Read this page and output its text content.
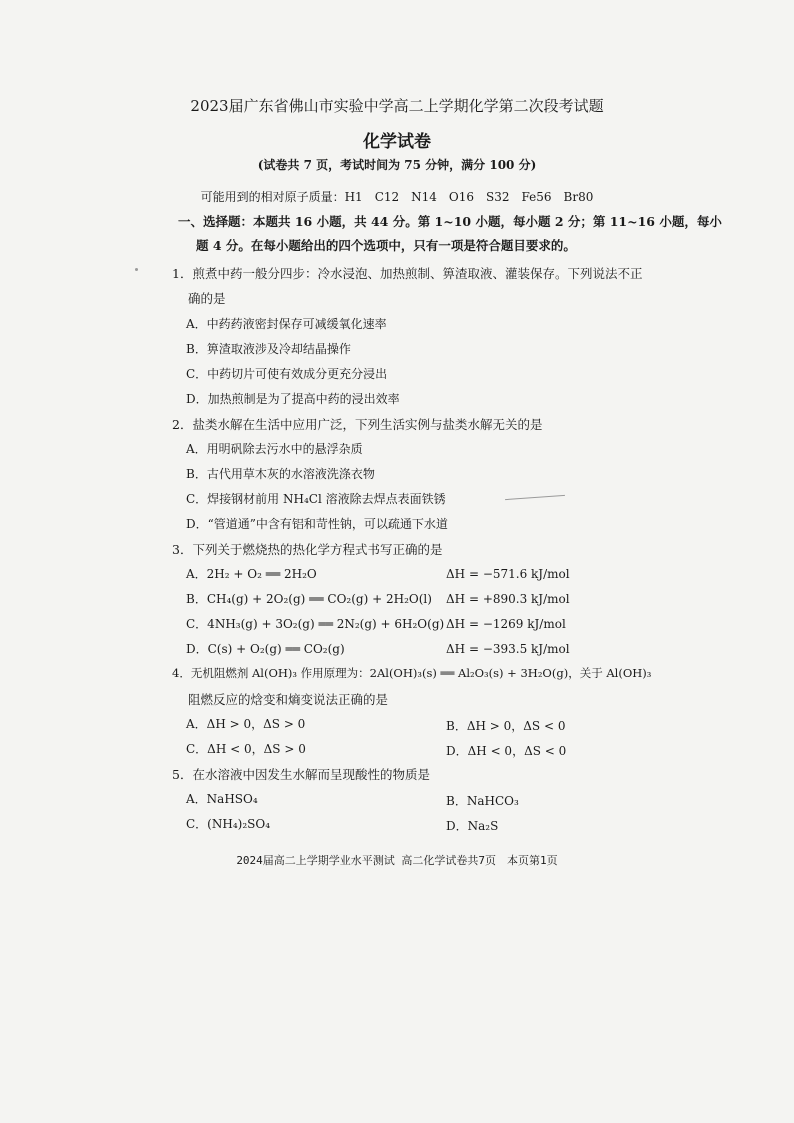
2023届广东省佛山市实验中学高二上学期化学第二次段考试题
化学试卷
(试卷共 7 页，考试时间为 75 分钟，满分 100 分)
可能用到的相对原子质量：H1　C12　N14　O16　S32　Fe56　Br80
一、选择题：本题共 16 小题，共 44 分。第 1~10 小题，每小题 2 分；第 11~16 小题，每小
题 4 分。在每小题给出的四个选项中，只有一项是符合题目要求的。
1．煎煮中药一般分四步：冷水浸泡、加热煎制、箅渣取液、灌装保存。下列说法不正
确的是
A．中药药液密封保存可减缓氧化速率
B．箅渣取液涉及冷却结晶操作
C．中药切片可使有效成分更充分浸出
D．加热煎制是为了提高中药的浸出效率
2．盐类水解在生活中应用广泛，下列生活实例与盐类水解无关的是
A．用明矾除去污水中的悬浮杂质
B．古代用草木灰的水溶液洗涤衣物
C．焊接钢材前用 NH₄Cl 溶液除去焊点表面铁锈
D．“管道通”中含有铝和苛性钠，可以疏通下水道
3．下列关于燃烧热的热化学方程式书写正确的是
A．2H₂ + O₂ ══ 2H₂O	ΔH = −571.6 kJ/mol
B．CH₄(g) + 2O₂(g) ══ CO₂(g) + 2H₂O(l) ΔH = +890.3 kJ/mol
C．4NH₃(g) + 3O₂(g) ══ 2N₂(g) + 6H₂O(g) ΔH = −1269 kJ/mol
D．C(s) + O₂(g) ══ CO₂(g)	ΔH = −393.5 kJ/mol
4．无机阻燃剂 Al(OH)₃ 作用原理为：2Al(OH)₃(s) ══ Al₂O₃(s) + 3H₂O(g)，关于 Al(OH)₃
阻燃反应的焓变和熵变说法正确的是
A．ΔH > 0，ΔS > 0	B．ΔH > 0，ΔS < 0
C．ΔH < 0，ΔS > 0	D．ΔH < 0，ΔS < 0
5．在水溶液中因发生水解而呈现酸性的物质是
A．NaHSO₄	B．NaHCO₃
C．(NH₄)₂SO₄	D．Na₂S
2024届高二上学期学业水平测试 高二化学试卷共7页　本页第1页
